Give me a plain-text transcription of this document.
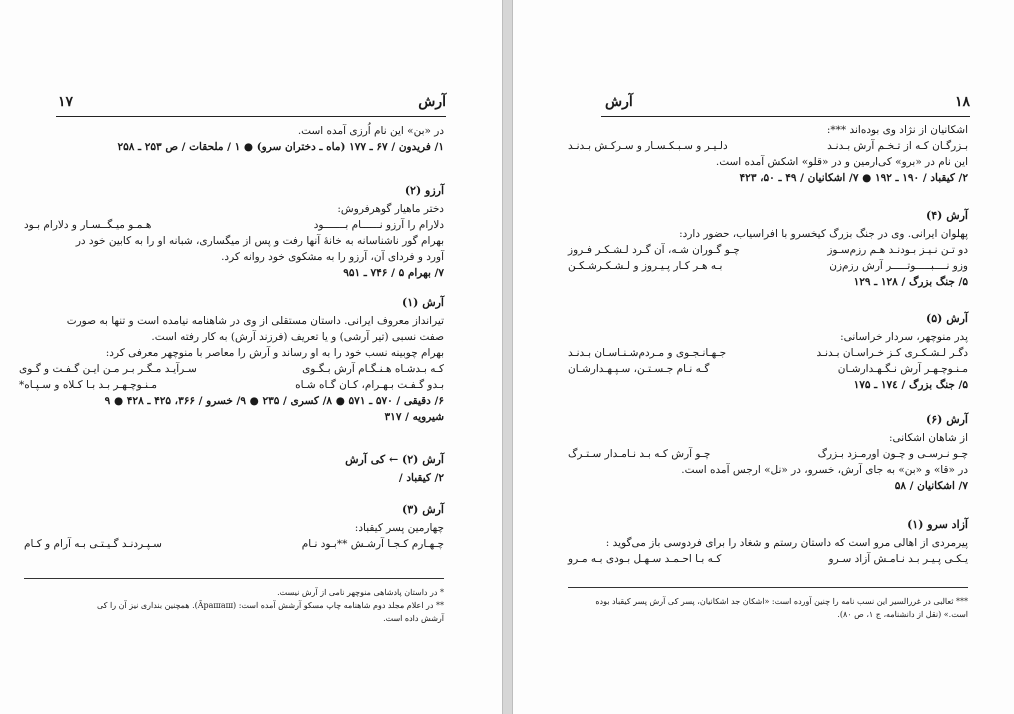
۱۷	آرش
در «بن» این نام اُرزی آمده است.
۱/ فریدون / ۶۷ ـ ۱۷۷ (ماه ـ دختران سرو) ● ۱ / ملحقات / ص ۲۵۳ ـ ۲۵۸
آرزو (۲)
دختر ماهیار گوهرفروش:
دلارام را آرزو نــــــام بـــــــود
هـمـو میـگــسـار و دلارام بـود
بهرام گور ناشناسانه به خانهٔ آنها رفت و پس از میگساری، شبانه او را به کابین خود در
آورد و فردای آن، آرزو را به مشکوی خود روانه کرد.
۷/ بهرام ۵ / ۷۴۶ ـ ۹۵۱
آرش (۱)
تیرانداز معروف ایرانی. داستان مستقلی از وی در شاهنامه نیامده است و تنها به صورت
صفت نسبی (تیر آرشی) و یا تعریف (فرزند آرش) به کار رفته است.
بهرام چوبینه نسب خود را به او رساند و آرش را معاصر با منوچهر معرفی کرد:
کـه بـدشـاه هـنـگـام آرش بـگـوی
سـرآیـد مـگـر بـر مـن ایـن گـفـت و گـوی
بـدو گـفـت بـهـرام، کـان گـاه شـاه
مـنـوچـهـر بـد بـا کـلاه و سـپـاه*
۶/ دقیقی / ۵۷۰ ـ ۵۷۱ ● ۸/ کسری / ۲۳۵ ● ۹/ خسرو / ۳۶۶، ۴۲۵ ـ ۴۲۸ ● ۹
شیرویه / ۳۱۷
آرش (۲) ← کی آرش
۲/ کیقباد /
آرش (۳)
چهارمین پسر کیقباد:
چـهـارم کـجـا آرشـش **بـود نـام
سـپـردنـد گـیـتـی بـه آرام و کـام
* در داستان پادشاهی منوچهر نامی از آرش نیست.
** در اعلام مجلد دوم شاهنامه چاپ مسکو آرشش آمده است: (Āpaшаш). همچنین بنداری نیز آن را کی
آرشش داده است.
۱۸
آرش
اشکانیان از نژاد وی بوده‌اند ***:
بـزرگـان کـه از تـخـم آرش بـدنـد
دلـیـر و سـبـکـسـار و سـرکـش بـدنـد
این نام در «برو» کی‌ارمین و در «قلو» اشکش آمده است.
۲/ کیقباد / ۱۹۰ ـ ۱۹۲ ● ۷/ اشکانیان / ۴۹ ـ ۵۰، ۴۲۳
آرش (۴)
پهلوان ایرانی. وی در جنگ بزرگ کیخسرو با افراسیاب، حضور دارد:
دو تـن نـیـز بـودنـد هـم رزم‌سـوز
چـو گـوران شـه، آن گـرد لـشـکـر فـروز
وزو نــــبـــــوتـــــر آرش رزم‌زن
بـه هـر کـار پـیـروز و لـشـکـرشـکـن
۵/ جنگ بزرگ / ۱۲۸ ـ ۱۲۹
آرش (۵)
پدر منوچهر، سردار خراسانی:
دگـر لـشـکـری کـز خـراسـان بـدنـد
جـهـانـجـوی و مـردم‌شـنـاسـان بـدنـد
مـنـوچـهـر آرش نـگـهـدارشـان
گـه نـام جـسـتـن، سـپـهـدارشـان
۵/ جنگ بزرگ / ۱۷٤ ـ ۱۷۵
آرش (۶)
از شاهان اشکانی:
چـو نـرسـی و چـون اورمـزد بـزرگ
چـو آرش کـه بـد نـامـدار سـتـرگ
در «قا» و «بن» به جای آرش، خسرو، در «نل» ارجس آمده است.
۷/ اشکانیان / ۵۸
آزاد سرو (۱)
پیرمردی از اهالی مرو است که داستان رستم و شغاد را برای فردوسی باز می‌گوید :
یـکـی پـیـر بـد نـامـش آزاد سـرو
کـه بـا احـمـد سـهـل بـودی بـه مـرو
*** ثعالبی در غررالسیر این نسب نامه را چنین آورده است: «اشکان جد اشکانیان، پسر کی آرش پسر کیقباد بوده
است.» (نقل از دانشنامه، ج ۱، ص ۸۰).
